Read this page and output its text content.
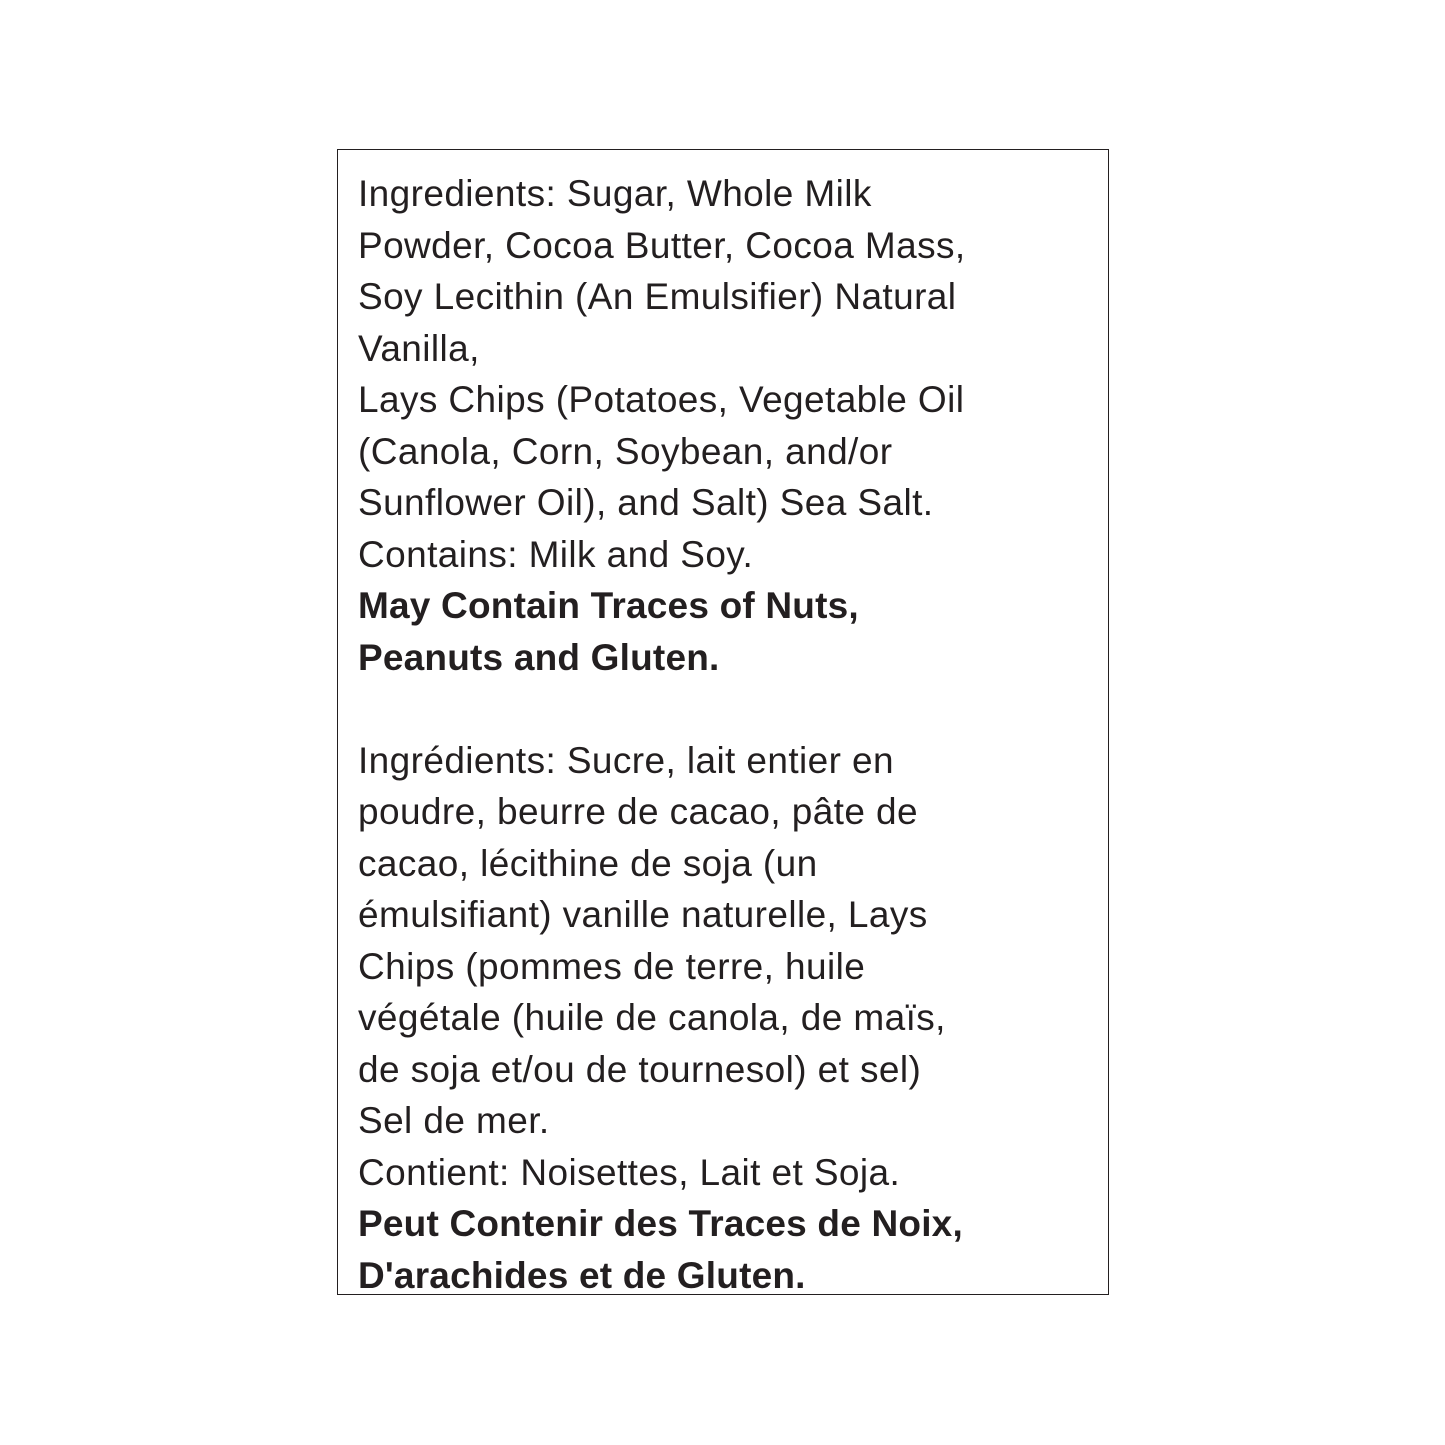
Ingredients: Sugar, Whole Milk
Powder, Cocoa Butter, Cocoa Mass,
Soy Lecithin (An Emulsifier) Natural
Vanilla,
Lays Chips (Potatoes, Vegetable Oil
(Canola, Corn, Soybean, and/or
Sunflower Oil), and Salt) Sea Salt.
Contains: Milk and Soy.
May Contain Traces of Nuts,
Peanuts and Gluten.
Ingrédients: Sucre, lait entier en
poudre, beurre de cacao, pâte de
cacao, lécithine de soja (un
émulsifiant) vanille naturelle, Lays
Chips (pommes de terre, huile
végétale (huile de canola, de maïs,
de soja et/ou de tournesol) et sel)
Sel de mer.
Contient: Noisettes, Lait et Soja.
Peut Contenir des Traces de Noix,
D'arachides et de Gluten.
